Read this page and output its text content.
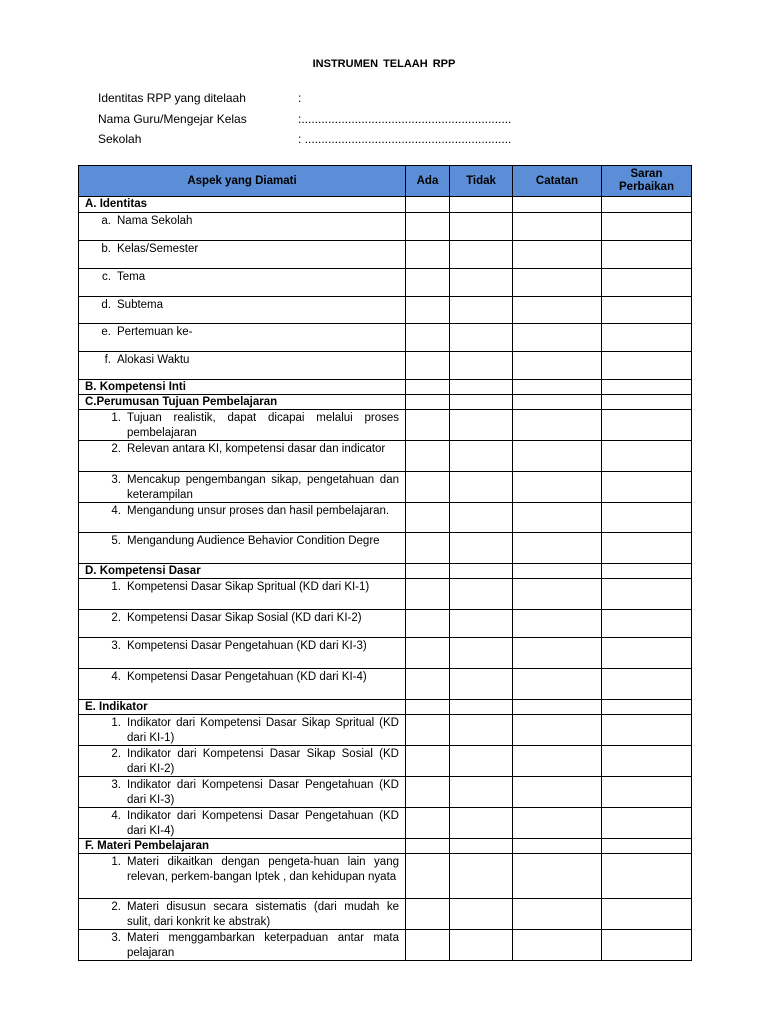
INSTRUMEN TELAAH RPP
Identitas RPP yang ditelaah	:
Nama Guru/Mengejar Kelas	:...............................................................
Sekolah	: ..............................................................
Aspek yang Diamati	Ada	Tidak	Catatan	Saran Perbaikan
A. Identitas				

a. Nama Sekolah				

b. Kelas/Semester				

c. Tema				

d. Subtema				

e. Pertemuan ke-				

f. Alokasi Waktu				

B. Kompetensi Inti				
C.Perumusan Tujuan Pembelajaran				

1. Tujuan realistik, dapat dicapai melalui proses pembelajaran				

2. Relevan antara KI, kompetensi dasar dan indicator				

3. Mencakup pengembangan sikap, pengetahuan dan keterampilan				

4. Mengandung unsur proses dan hasil pembelajaran.				

5. Mengandung Audience Behavior Condition Degre				

D. Kompetensi Dasar				

1. Kompetensi Dasar Sikap Spritual (KD dari KI-1)				

2. Kompetensi Dasar Sikap Sosial (KD dari KI-2)				

3. Kompetensi Dasar Pengetahuan (KD dari KI-3)				

4. Kompetensi Dasar Pengetahuan (KD dari KI-4)				

E. Indikator				

1. Indikator dari Kompetensi Dasar Sikap Spritual (KD dari KI-1)				

2. Indikator dari Kompetensi Dasar Sikap Sosial (KD dari KI-2)				

3. Indikator dari Kompetensi Dasar Pengetahuan (KD dari KI-3)				

4. Indikator dari Kompetensi Dasar Pengetahuan (KD dari KI-4)				

F. Materi Pembelajaran				

1. Materi dikaitkan dengan pengeta-huan lain yang relevan, perkem-bangan Iptek , dan kehidupan nyata				

2. Materi disusun secara sistematis (dari mudah ke sulit, dari konkrit ke abstrak)				

3. Materi menggambarkan keterpaduan antar mata pelajaran				
